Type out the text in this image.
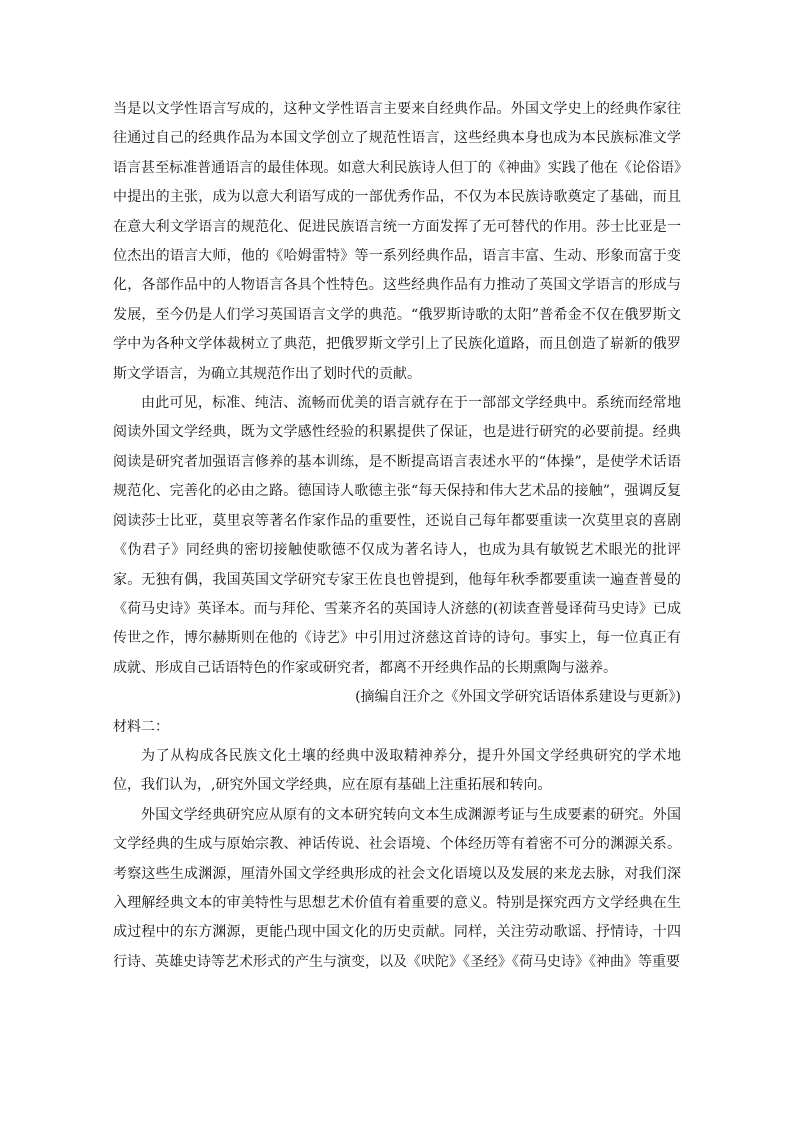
当是以文学性语言写成的，这种文学性语言主要来自经典作品。外国文学史上的经典作家往往通过自己的经典作品为本国文学创立了规范性语言，这些经典本身也成为本民族标准文学语言甚至标准普通语言的最佳体现。如意大利民族诗人但丁的《神曲》实践了他在《论俗语》中提出的主张，成为以意大利语写成的一部优秀作品，不仅为本民族诗歌奠定了基础，而且在意大利文学语言的规范化、促进民族语言统一方面发挥了无可替代的作用。莎士比亚是一位杰出的语言大师，他的《哈姆雷特》等一系列经典作品，语言丰富、生动、形象而富于变化，各部作品中的人物语言各具个性特色。这些经典作品有力推动了英国文学语言的形成与发展，至今仍是人们学习英国语言文学的典范。“俄罗斯诗歌的太阳”普希金不仅在俄罗斯文学中为各种文学体裁树立了典范，把俄罗斯文学引上了民族化道路，而且创造了崭新的俄罗斯文学语言，为确立其规范作出了划时代的贡献。

由此可见，标准、纯洁、流畅而优美的语言就存在于一部部文学经典中。系统而经常地阅读外国文学经典，既为文学感性经验的积累提供了保证，也是进行研究的必要前提。经典阅读是研究者加强语言修养的基本训练，是不断提高语言表述水平的“体操”，是使学术话语规范化、完善化的必由之路。德国诗人歌德主张“每天保持和伟大艺术品的接触”，强调反复阅读莎士比亚，莫里哀等著名作家作品的重要性，还说自己每年都要重读一次莫里哀的喜剧《伪君子》同经典的密切接触使歌德不仅成为著名诗人，也成为具有敏锐艺术眼光的批评家。无独有偶，我国英国文学研究专家王佐良也曾提到，他每年秋季都要重读一遍查普曼的《荷马史诗》英译本。而与拜伦、雪莱齐名的英国诗人济慈的(初读查普曼译荷马史诗》已成传世之作，博尔赫斯则在他的《诗艺》中引用过济慈这首诗的诗句。事实上，每一位真正有成就、形成自己话语特色的作家或研究者，都离不开经典作品的长期熏陶与滋养。

(摘编自汪介之《外国文学研究话语体系建设与更新》)

材料二：

为了从构成各民族文化土壤的经典中汲取精神养分，提升外国文学经典研究的学术地位，我们认为，,研究外国文学经典，应在原有基础上注重拓展和转向。

外国文学经典研究应从原有的文本研究转向文本生成渊源考证与生成要素的研究。外国文学经典的生成与原始宗教、神话传说、社会语境、个体经历等有着密不可分的渊源关系。考察这些生成渊源，厘清外国文学经典形成的社会文化语境以及发展的来龙去脉，对我们深入理解经典文本的审美特性与思想艺术价值有着重要的意义。特别是探究西方文学经典在生成过程中的东方渊源，更能凸现中国文化的历史贡献。同样，关注劳动歌谣、抒情诗，十四行诗、英雄史诗等艺术形式的产生与演变，以及《吠陀》《圣经》《荷马史诗》《神曲》等重要
